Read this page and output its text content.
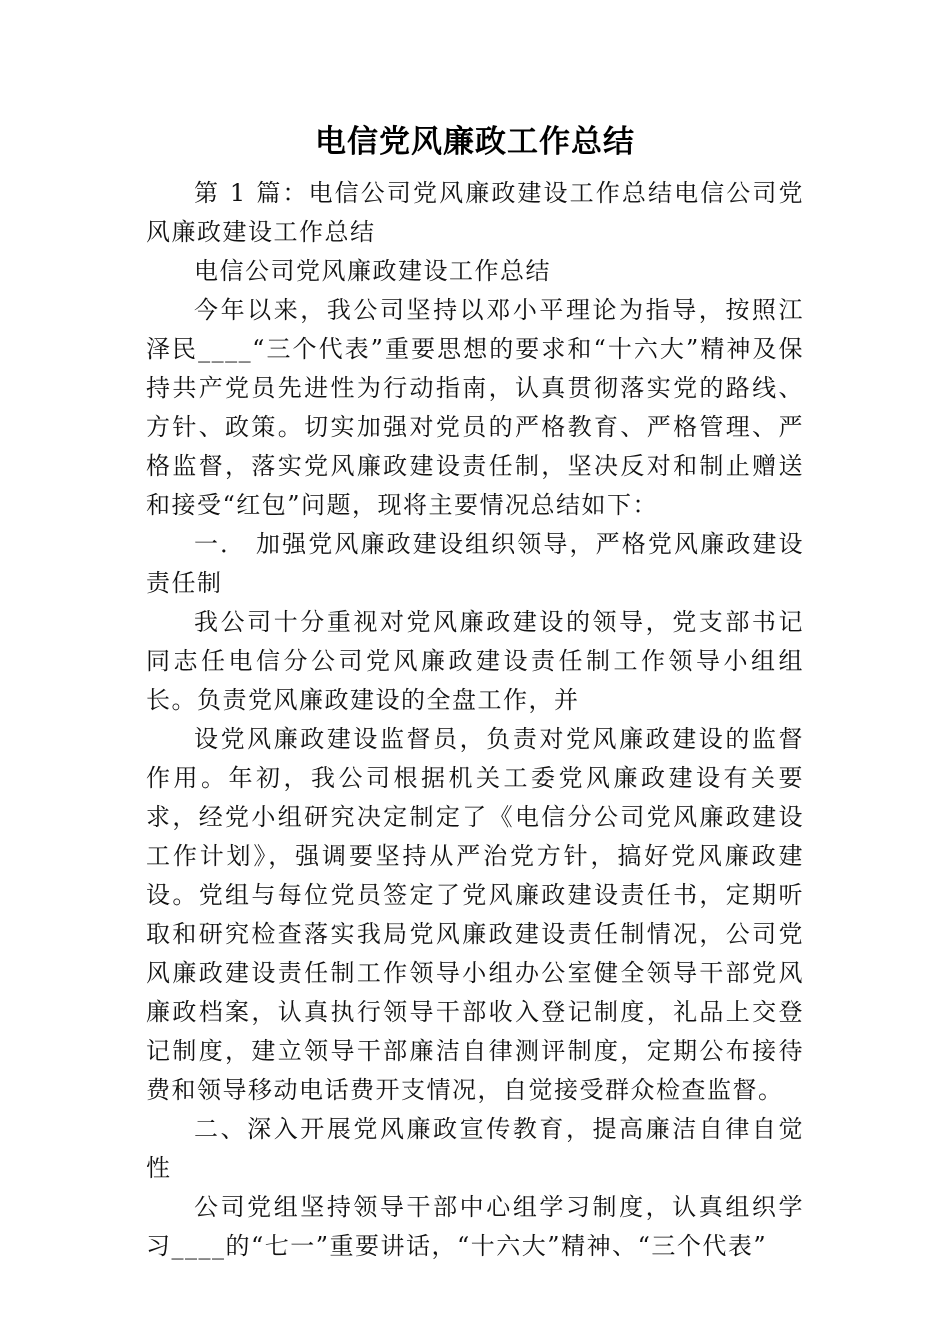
电信党风廉政工作总结

第 1 篇：电信公司党风廉政建设工作总结电信公司党风廉政建设工作总结

电信公司党风廉政建设工作总结

今年以来，我公司坚持以邓小平理论为指导，按照江泽民____“三个代表”重要思想的要求和“十六大”精神及保持共产党员先进性为行动指南，认真贯彻落实党的路线、方针、政策。切实加强对党员的严格教育、严格管理、严格监督，落实党风廉政建设责任制，坚决反对和制止赠送和接受“红包”问题，现将主要情况总结如下：

一． 加强党风廉政建设组织领导，严格党风廉政建设责任制

我公司十分重视对党风廉政建设的领导，党支部书记同志任电信分公司党风廉政建设责任制工作领导小组组长。负责党风廉政建设的全盘工作，并

设党风廉政建设监督员，负责对党风廉政建设的监督作用。年初，我公司根据机关工委党风廉政建设有关要求，经党小组研究决定制定了《电信分公司党风廉政建设工作计划》，强调要坚持从严治党方针，搞好党风廉政建设。党组与每位党员签定了党风廉政建设责任书，定期听取和研究检查落实我局党风廉政建设责任制情况，公司党风廉政建设责任制工作领导小组办公室健全领导干部党风廉政档案，认真执行领导干部收入登记制度，礼品上交登记制度，建立领导干部廉洁自律测评制度，定期公布接待费和领导移动电话费开支情况，自觉接受群众检查监督。

二、深入开展党风廉政宣传教育，提高廉洁自律自觉性

公司党组坚持领导干部中心组学习制度，认真组织学习____的“七一”重要讲话，“十六大”精神、“三个代表”
